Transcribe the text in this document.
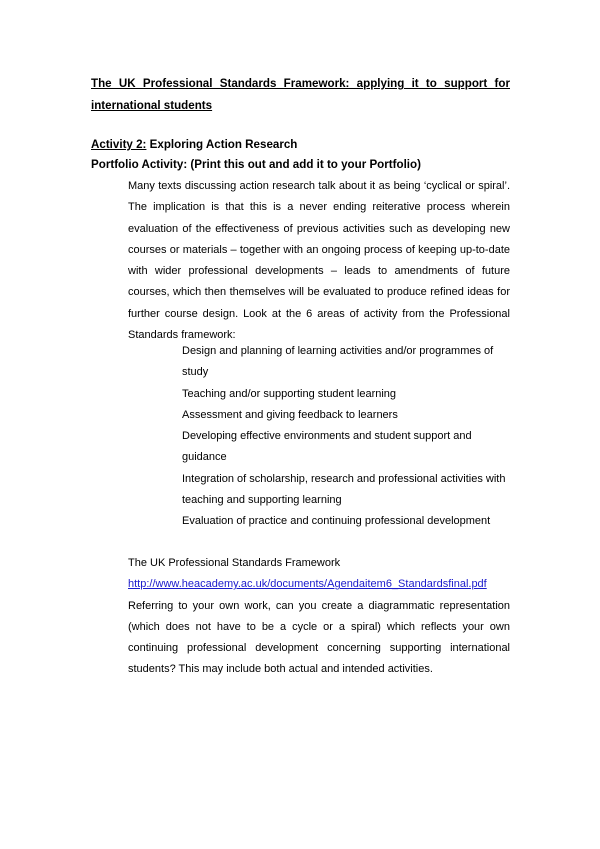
The UK Professional Standards Framework: applying it to support for
international students
Activity 2: Exploring Action Research
Portfolio Activity: (Print this out and add it to your Portfolio)

Many texts discussing action research talk about it as being ‘cyclical or spiral’. The implication is that this is a never ending reiterative process wherein evaluation of the effectiveness of previous activities such as developing new courses or materials – together with an ongoing process of keeping up-to-date with wider professional developments – leads to amendments of future courses, which then themselves will be evaluated to produce refined ideas for further course design. Look at the 6 areas of activity from the Professional Standards framework:

Design and planning of learning activities and/or programmes of study
Teaching and/or supporting student learning
Assessment and giving feedback to learners
Developing effective environments and student support and guidance
Integration of scholarship, research and professional activities with teaching and supporting learning
Evaluation of practice and continuing professional development
The UK Professional Standards Framework
http://www.heacademy.ac.uk/documents/Agendaitem6_Standardsfinal.pdf

Referring to your own work, can you create a diagrammatic representation (which does not have to be a cycle or a spiral) which reflects your own continuing professional development concerning supporting international students? This may include both actual and intended activities.
